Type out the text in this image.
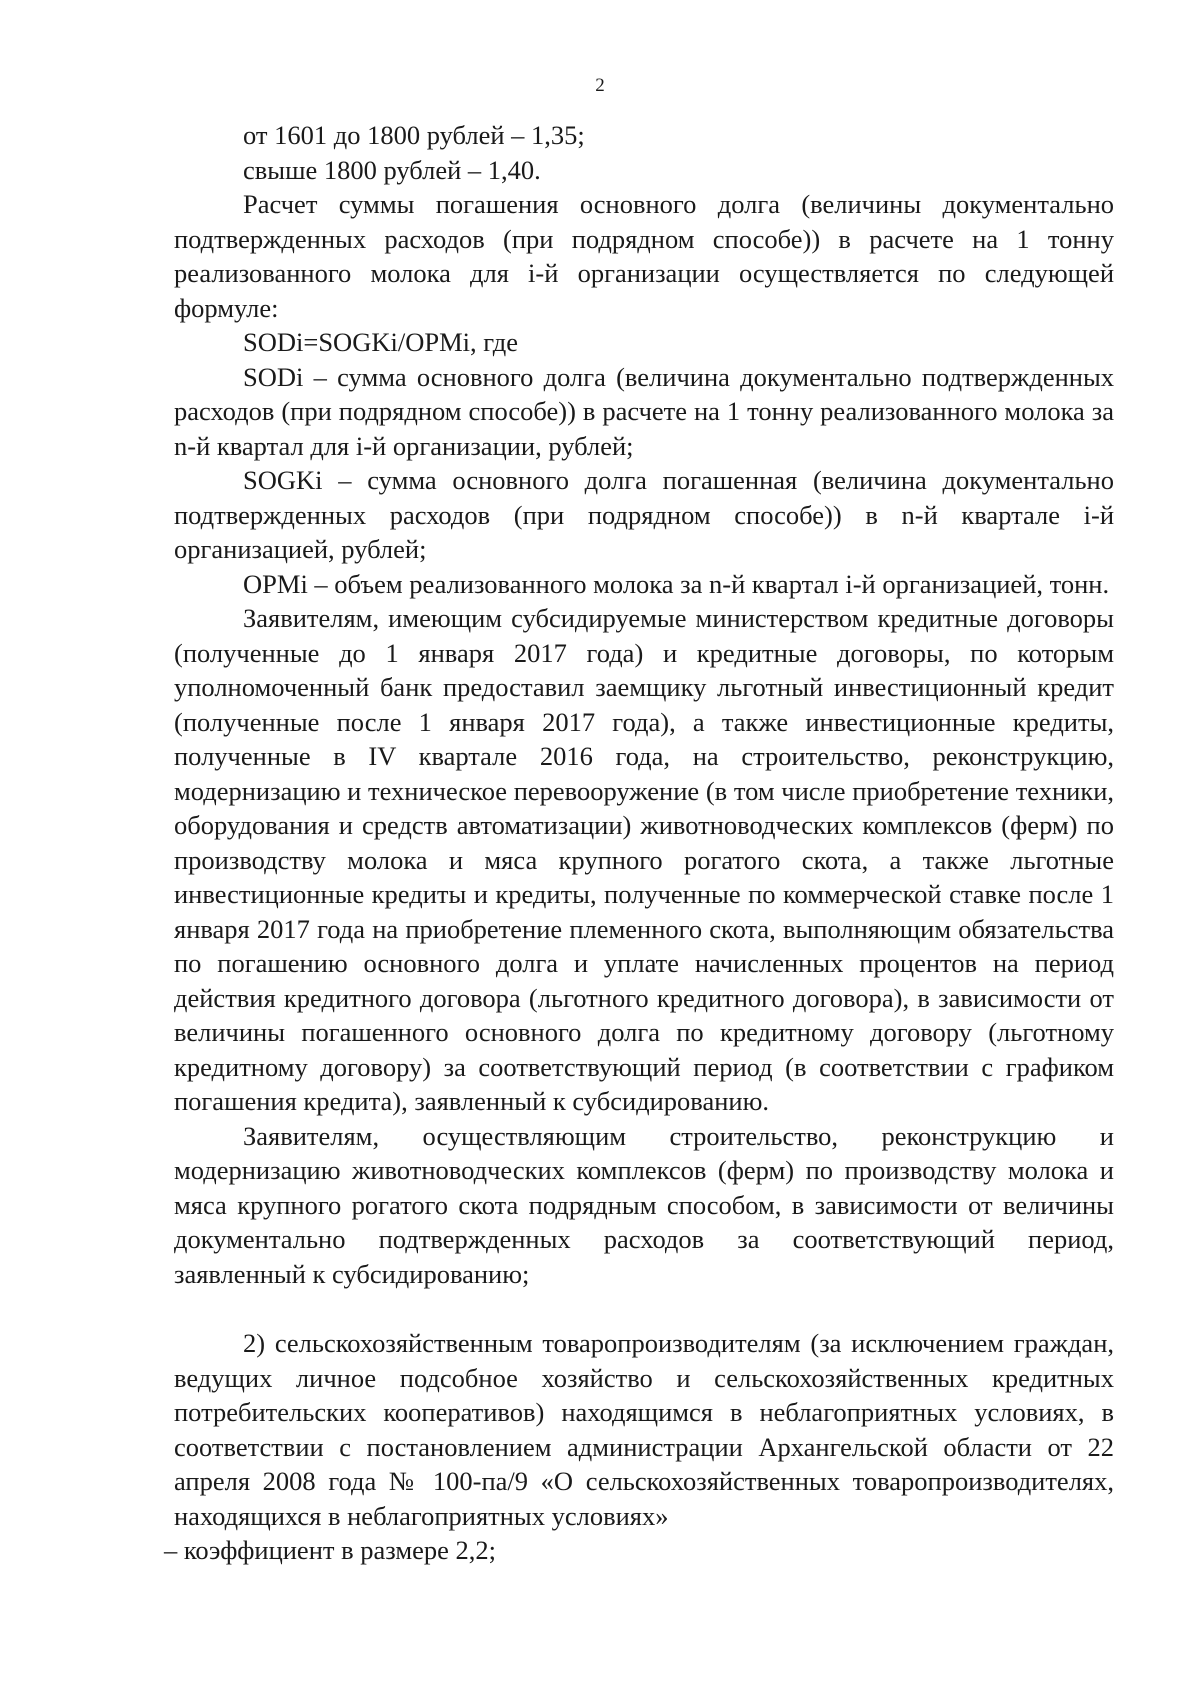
2

от 1601 до 1800 рублей – 1,35;

свыше 1800 рублей – 1,40.

Расчет суммы погашения основного долга (величины документально подтвержденных расходов (при подрядном способе)) в расчете на 1 тонну реализованного молока для i-й организации осуществляется по следующей формуле:

SODi=SOGKi/OPMi, где

SODi – сумма основного долга (величина документально подтвержденных расходов (при подрядном способе)) в расчете на 1 тонну реализованного молока за n-й квартал для i-й организации, рублей;

SOGKi – сумма основного долга погашенная (величина документально подтвержденных расходов (при подрядном способе)) в n-й квартале i-й организацией, рублей;

OPMi – объем реализованного молока за n-й квартал i-й организацией, тонн.

Заявителям, имеющим субсидируемые министерством кредитные договоры (полученные до 1 января 2017 года) и кредитные договоры, по которым уполномоченный банк предоставил заемщику льготный инвестиционный кредит (полученные после 1 января 2017 года), а также инвестиционные кредиты, полученные в IV квартале 2016 года, на строительство, реконструкцию, модернизацию и техническое перевооружение (в том числе приобретение техники, оборудования и средств автоматизации) животноводческих комплексов (ферм) по производству молока и мяса крупного рогатого скота, а также льготные инвестиционные кредиты и кредиты, полученные по коммерческой ставке после 1 января 2017 года на приобретение племенного скота, выполняющим обязательства по погашению основного долга и уплате начисленных процентов на период действия кредитного договора (льготного кредитного договора), в зависимости от величины погашенного основного долга по кредитному договору (льготному кредитному договору) за соответствующий период (в соответствии с графиком погашения кредита), заявленный к субсидированию.

Заявителям, осуществляющим строительство, реконструкцию и модернизацию животноводческих комплексов (ферм) по производству молока и мяса крупного рогатого скота подрядным способом, в зависимости от величины документально подтвержденных расходов за соответствующий период, заявленный к субсидированию;

2) сельскохозяйственным товаропроизводителям (за исключением граждан, ведущих личное подсобное хозяйство и сельскохозяйственных кредитных потребительских кооперативов) находящимся в неблагоприятных условиях, в соответствии с постановлением администрации Архангельской области от 22 апреля 2008 года № 100-па/9 «О сельскохозяйственных товаропроизводителях, находящихся в неблагоприятных условиях»

– коэффициент в размере 2,2;
